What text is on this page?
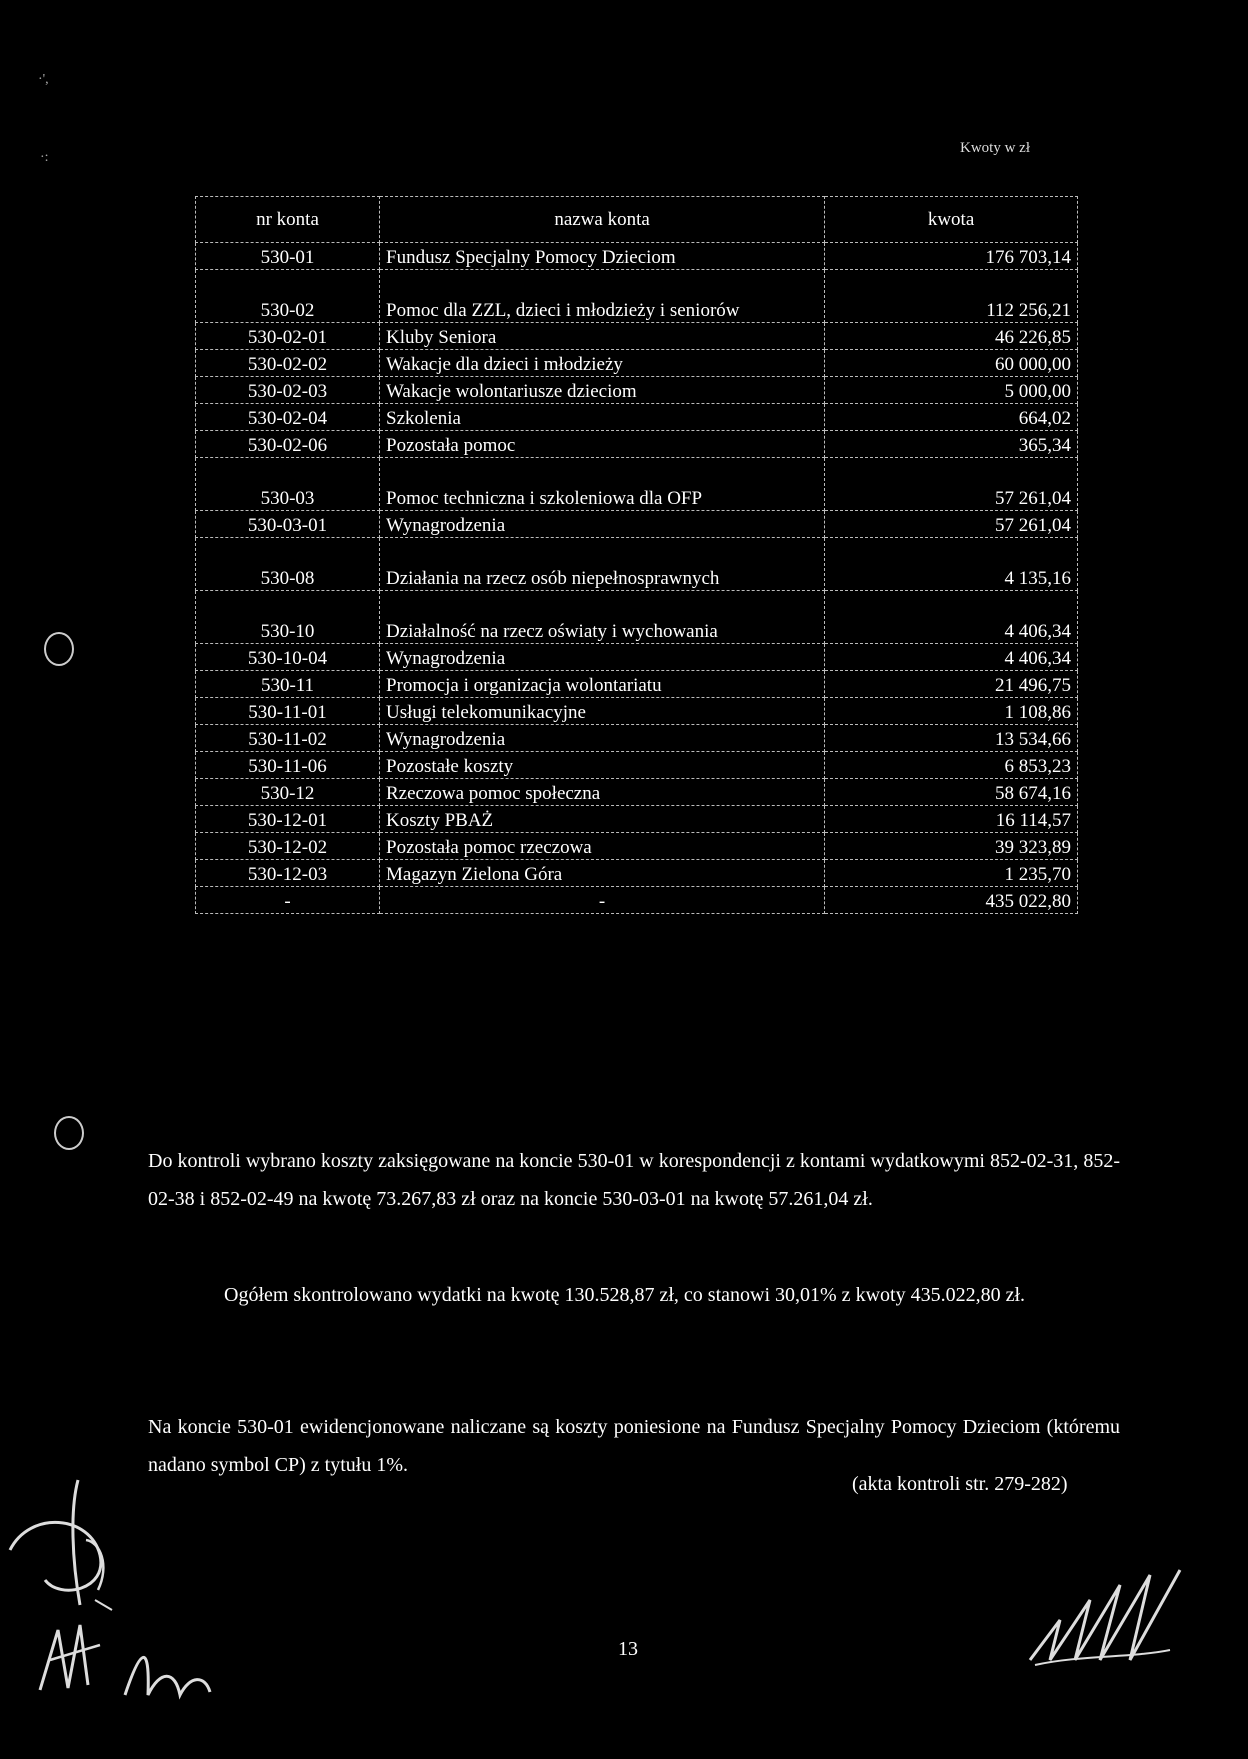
·',
·:
Kwoty w zł
nr konta	nazwa konta	kwota
530-01	Fundusz Specjalny Pomocy Dzieciom	176 703,14
530-02	Pomoc dla ZZL, dzieci i młodzieży i seniorów	112 256,21
530-02-01	Kluby Seniora	46 226,85
530-02-02	Wakacje dla dzieci i młodzieży	60 000,00
530-02-03	Wakacje wolontariusze dzieciom	5 000,00
530-02-04	Szkolenia	664,02
530-02-06	Pozostała pomoc	365,34
530-03	Pomoc techniczna i szkoleniowa dla OFP	57 261,04
530-03-01	Wynagrodzenia	57 261,04
530-08	Działania na rzecz osób niepełnosprawnych	4 135,16
530-10	Działalność na rzecz oświaty i wychowania	4 406,34
530-10-04	Wynagrodzenia	4 406,34
530-11	Promocja i organizacja wolontariatu	21 496,75
530-11-01	Usługi telekomunikacyjne	1 108,86
530-11-02	Wynagrodzenia	13 534,66
530-11-06	Pozostałe koszty	6 853,23
530-12	Rzeczowa pomoc społeczna	58 674,16
530-12-01	Koszty PBAŻ	16 114,57
530-12-02	Pozostała pomoc rzeczowa	39 323,89
530-12-03	Magazyn Zielona Góra	1 235,70
-	-	435 022,80

Do kontroli wybrano koszty zaksięgowane na koncie 530-01 w korespondencji z kontami wydatkowymi 852-02-31, 852-02-38 i 852-02-49 na kwotę 73.267,83 zł oraz na koncie 530-03-01 na kwotę 57.261,04 zł.

Ogółem skontrolowano wydatki na kwotę 130.528,87 zł, co stanowi 30,01% z kwoty 435.022,80 zł.

Na koncie 530-01 ewidencjonowane naliczane są koszty poniesione na Fundusz Specjalny Pomocy Dzieciom (któremu nadano symbol CP) z tytułu 1%.

(akta kontroli str. 279-282)
13
